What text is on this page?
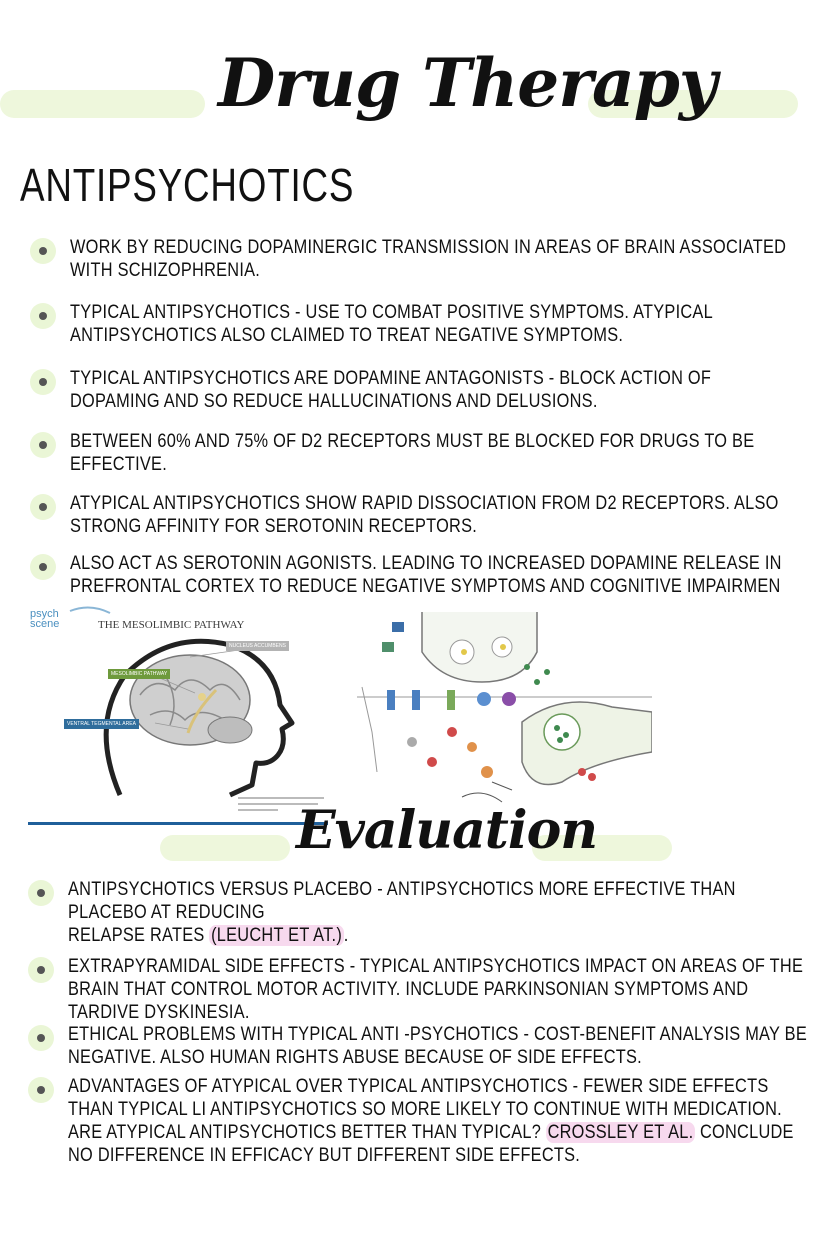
Drug Therapy
ANTIPSYCHOTICS
WORK BY REDUCING DOPAMINERGIC TRANSMISSION IN AREAS OF BRAIN ASSOCIATED WITH SCHIZOPHRENIA.
TYPICAL ANTIPSYCHOTICS - USE TO COMBAT POSITIVE SYMPTOMS. ATYPICAL ANTIPSYCHOTICS ALSO CLAIMED TO TREAT NEGATIVE SYMPTOMS.
TYPICAL ANTIPSYCHOTICS ARE DOPAMINE ANTAGONISTS - BLOCK ACTION OF DOPAMING AND SO REDUCE HALLUCINATIONS AND DELUSIONS.
BETWEEN 60% AND 75% OF D2 RECEPTORS MUST BE BLOCKED FOR DRUGS TO BE EFFECTIVE.
ATYPICAL ANTIPSYCHOTICS SHOW RAPID DISSOCIATION FROM D2 RECEPTORS. ALSO STRONG AFFINITY FOR SEROTONIN RECEPTORS.
ALSO ACT AS SEROTONIN AGONISTS. LEADING TO INCREASED DOPAMINE RELEASE IN PREFRONTAL CORTEX TO REDUCE NEGATIVE SYMPTOMS AND COGNITIVE IMPAIRMEN
psych
scene	THE MESOLIMBIC PATHWAY
NUCLEUS ACCUMBENS
MESOLIMBIC PATHWAY
VENTRAL TEGMENTAL AREA
Evaluation
ANTIPSYCHOTICS VERSUS PLACEBO - ANTIPSYCHOTICS MORE EFFECTIVE THAN PLACEBO AT REDUCING
RELAPSE RATES (LEUCHT ET AT.).
EXTRAPYRAMIDAL SIDE EFFECTS - TYPICAL ANTIPSYCHOTICS IMPACT ON AREAS OF THE BRAIN THAT CONTROL MOTOR ACTIVITY. INCLUDE PARKINSONIAN SYMPTOMS AND TARDIVE DYSKINESIA.
ETHICAL PROBLEMS WITH TYPICAL ANTI -PSYCHOTICS - COST-BENEFIT ANALYSIS MAY BE NEGATIVE. ALSO HUMAN RIGHTS ABUSE BECAUSE OF SIDE EFFECTS.
ADVANTAGES OF ATYPICAL OVER TYPICAL ANTIPSYCHOTICS - FEWER SIDE EFFECTS THAN TYPICAL LI ANTIPSYCHOTICS SO MORE LIKELY TO CONTINUE WITH MEDICATION. ARE ATYPICAL ANTIPSYCHOTICS BETTER THAN TYPICAL? CROSSLEY ET AL. CONCLUDE NO DIFFERENCE IN EFFICACY BUT DIFFERENT SIDE EFFECTS.
